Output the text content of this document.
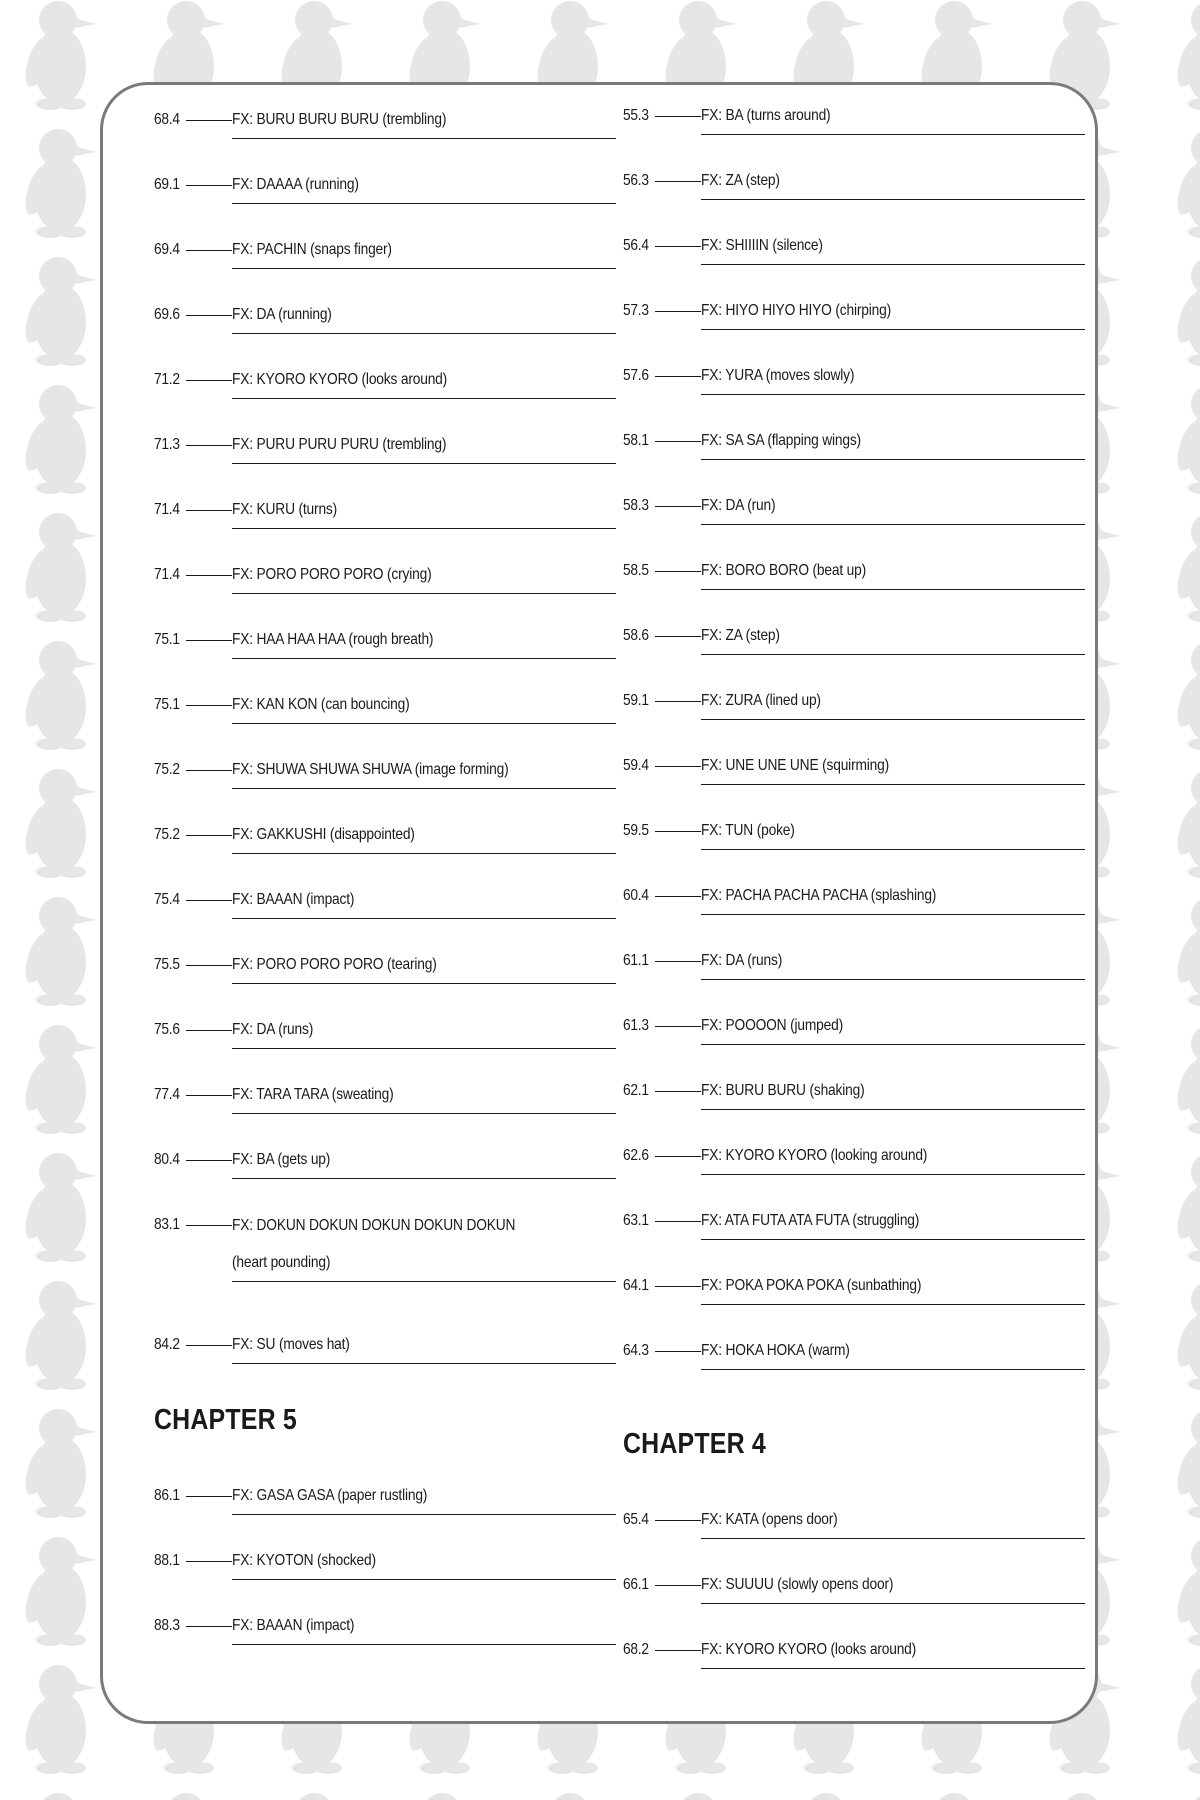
68.4	FX: BURU BURU BURU (trembling)
69.1	FX: DAAAA (running)
69.4	FX: PACHIN (snaps finger)
69.6	FX: DA (running)
71.2	FX: KYORO KYORO (looks around)
71.3	FX: PURU PURU PURU (trembling)
71.4	FX: KURU (turns)
71.4	FX: PORO PORO PORO (crying)
75.1	FX: HAA HAA HAA (rough breath)
75.1	FX: KAN KON (can bouncing)
75.2	FX: SHUWA SHUWA SHUWA (image forming)
75.2	FX: GAKKUSHI (disappointed)
75.4	FX: BAAAN (impact)
75.5	FX: PORO PORO PORO (tearing)
75.6	FX: DA (runs)
77.4	FX: TARA TARA (sweating)
80.4	FX: BA (gets up)
83.1	FX: DOKUN DOKUN DOKUN DOKUN DOKUN
(heart pounding)
84.2	FX: SU (moves hat)
55.3	FX: BA (turns around)
56.3	FX: ZA (step)
56.4	FX: SHIIIIN (silence)
57.3	FX: HIYO HIYO HIYO (chirping)
57.6	FX: YURA (moves slowly)
58.1	FX: SA SA (flapping wings)
58.3	FX: DA (run)
58.5	FX: BORO BORO (beat up)
58.6	FX: ZA (step)
59.1	FX: ZURA (lined up)
59.4	FX: UNE UNE UNE (squirming)
59.5	FX: TUN (poke)
60.4	FX: PACHA PACHA PACHA (splashing)
61.1	FX: DA (runs)
61.3	FX: POOOON (jumped)
62.1	FX: BURU BURU (shaking)
62.6	FX: KYORO KYORO (looking around)
63.1	FX: ATA FUTA ATA FUTA (struggling)
64.1	FX: POKA POKA POKA (sunbathing)
64.3	FX: HOKA HOKA (warm)
CHAPTER 5
86.1	FX: GASA GASA (paper rustling)
88.1	FX: KYOTON (shocked)
88.3	FX: BAAAN (impact)
CHAPTER 4
65.4	FX: KATA (opens door)
66.1	FX: SUUUU (slowly opens door)
68.2	FX: KYORO KYORO (looks around)
